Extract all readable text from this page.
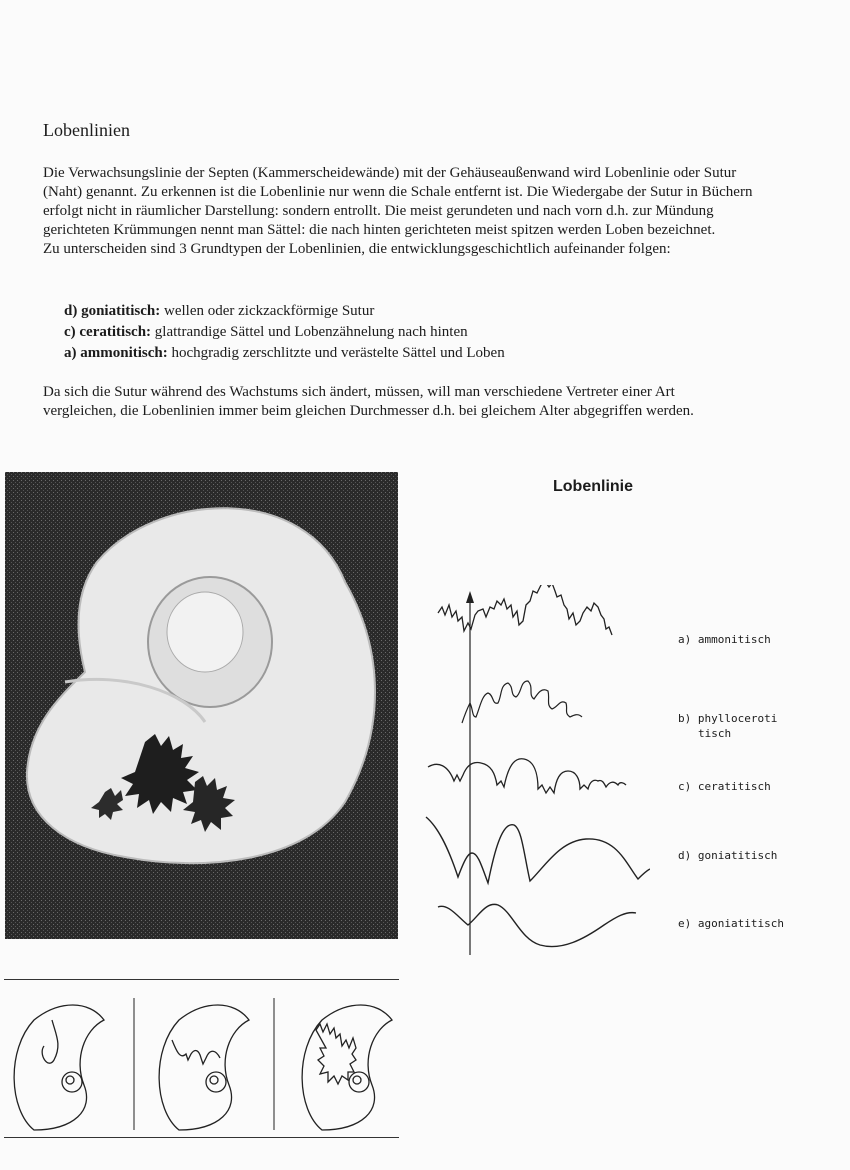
Lobenlinien

Die Verwachsungslinie der Septen (Kammerscheidewände) mit der Gehäuseaußenwand wird Lobenlinie oder Sutur (Naht) genannt. Zu erkennen ist die Lobenlinie nur wenn die Schale entfernt ist. Die Wiedergabe der Sutur in Büchern erfolgt nicht in räumlicher Darstellung: sondern entrollt. Die meist gerundeten und nach vorn d.h. zur Mündung gerichteten Krümmungen nennt man Sättel: die nach hinten gerichteten meist spitzen werden Loben bezeichnet.
Zu unterscheiden sind 3 Grundtypen der Lobenlinien, die entwicklungsgeschichtlich aufeinander folgen:

d) goniatitisch: wellen oder zickzackförmige Sutur
c) ceratitisch: glattrandige Sättel und Lobenzähnelung nach hinten
a) ammonitisch: hochgradig zerschlitzte und verästelte Sättel und Loben

Da sich die Sutur während des Wachstums sich ändert, müssen, will man verschiedene Vertreter einer Art vergleichen, die Lobenlinien immer beim gleichen Durchmesser d.h. bei gleichem Alter abgegriffen werden.

Lobenlinie
a) ammonitisch
b) phylloceroti
tisch
c) ceratitisch
d) goniatitisch
e) agoniatitisch
